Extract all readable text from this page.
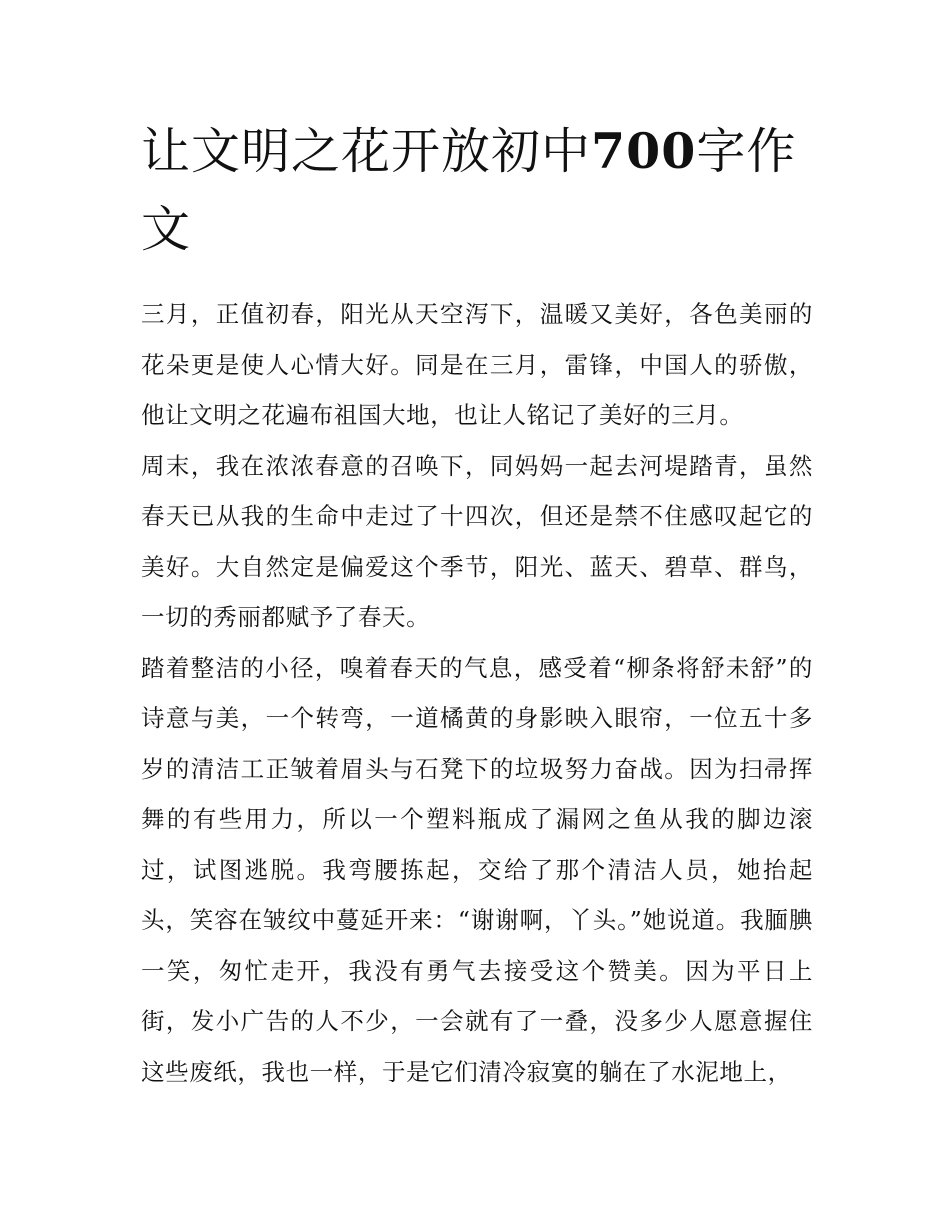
让文明之花开放初中700字作文

三月，正值初春，阳光从天空泻下，温暖又美好，各色美丽的花朵更是使人心情大好。同是在三月，雷锋，中国人的骄傲，他让文明之花遍布祖国大地，也让人铭记了美好的三月。

周末，我在浓浓春意的召唤下，同妈妈一起去河堤踏青，虽然春天已从我的生命中走过了十四次，但还是禁不住感叹起它的美好。大自然定是偏爱这个季节，阳光、蓝天、碧草、群鸟，一切的秀丽都赋予了春天。

踏着整洁的小径，嗅着春天的气息，感受着“柳条将舒未舒”的诗意与美，一个转弯，一道橘黄的身影映入眼帘，一位五十多岁的清洁工正皱着眉头与石凳下的垃圾努力奋战。因为扫帚挥舞的有些用力，所以一个塑料瓶成了漏网之鱼从我的脚边滚过，试图逃脱。我弯腰拣起，交给了那个清洁人员，她抬起头，笑容在皱纹中蔓延开来：“谢谢啊，丫头。”她说道。我腼腆一笑，匆忙走开，我没有勇气去接受这个赞美。因为平日上街，发小广告的人不少，一会就有了一叠，没多少人愿意握住这些废纸，我也一样，于是它们清冷寂寞的躺在了水泥地上，
